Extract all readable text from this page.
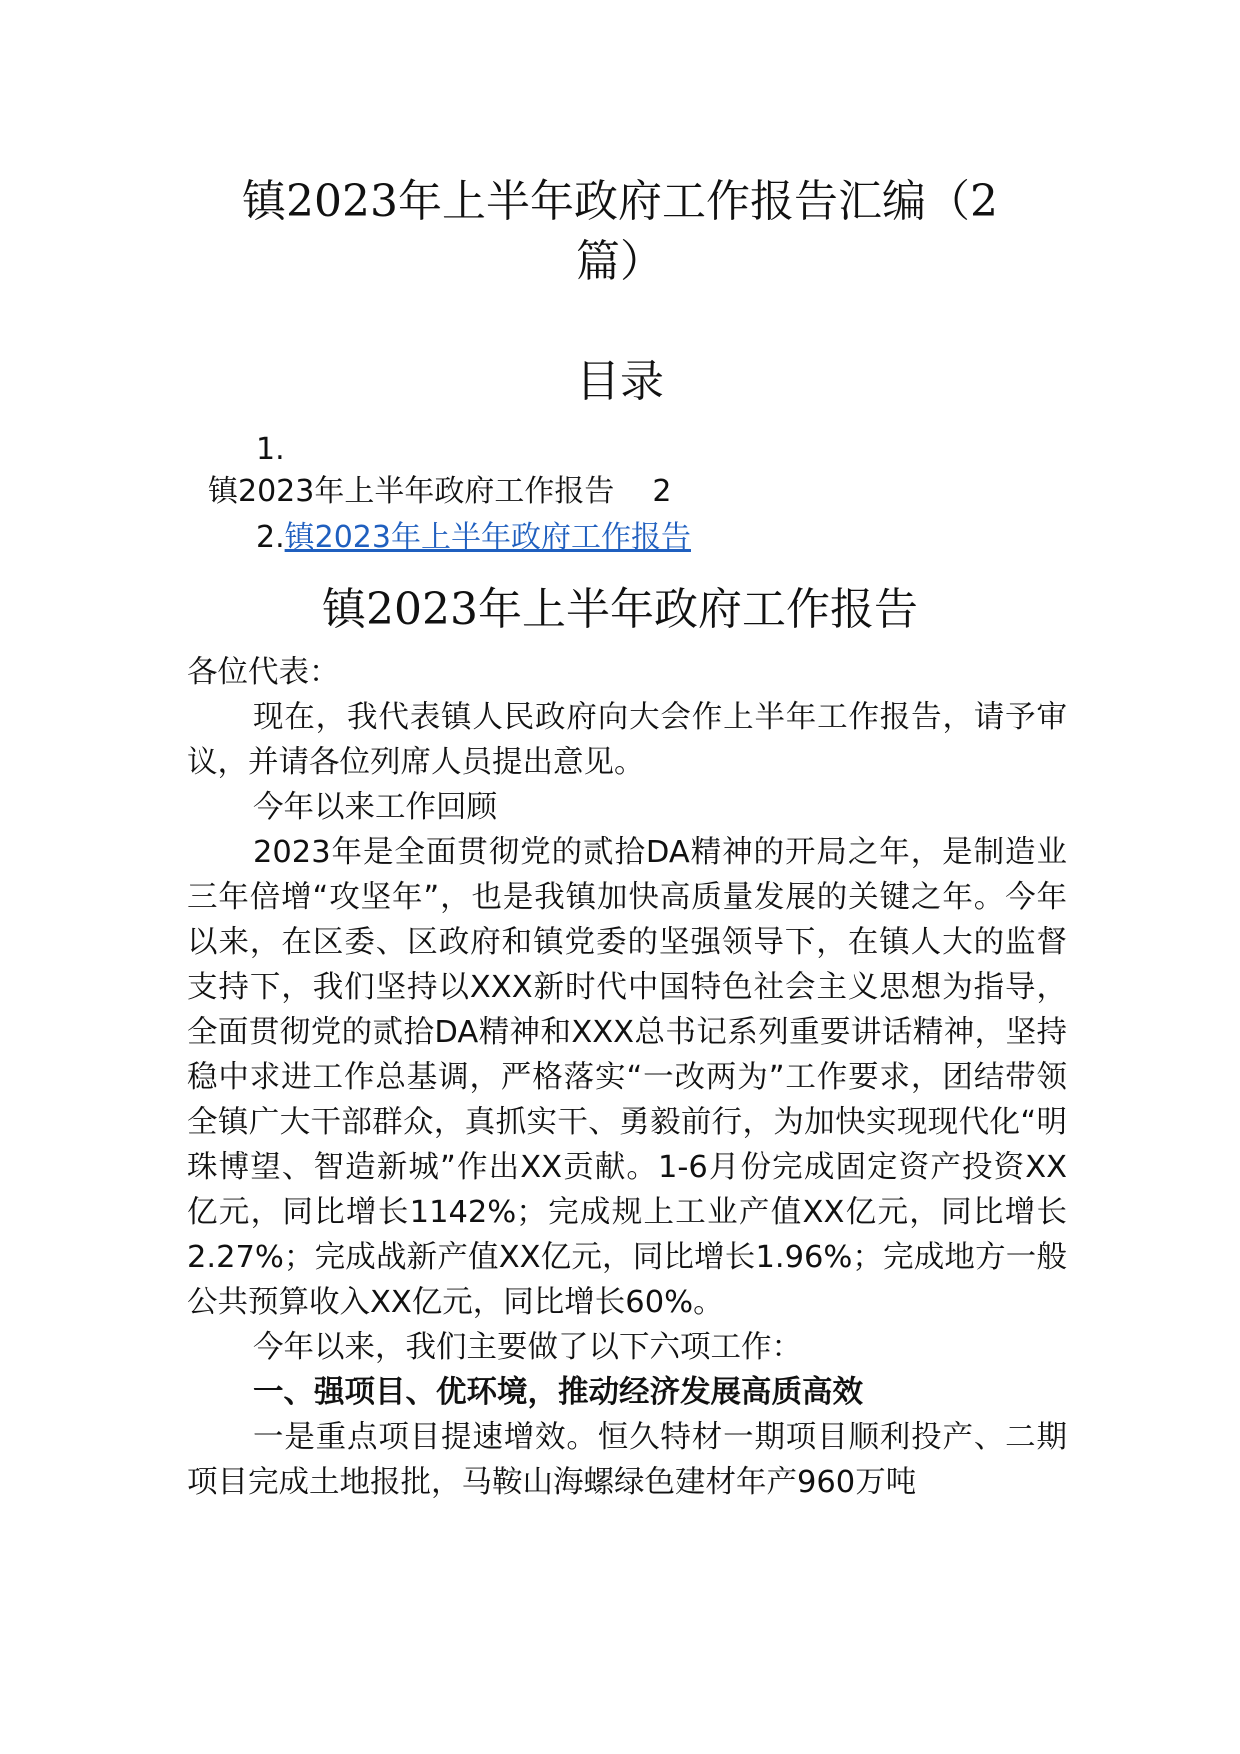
镇2023年上半年政府工作报告汇编（2
篇）
目录
1.
镇2023年上半年政府工作报告 2
2.镇2023年上半年政府工作报告
镇2023年上半年政府工作报告

各位代表：

现在，我代表镇人民政府向大会作上半年工作报告，请予审议，并请各位列席人员提出意见。

今年以来工作回顾

2023年是全面贯彻党的贰拾DA精神的开局之年，是制造业三年倍增“攻坚年”，也是我镇加快高质量发展的关键之年。今年以来，在区委、区政府和镇党委的坚强领导下，在镇人大的监督支持下，我们坚持以XXX新时代中国特色社会主义思想为指导，全面贯彻党的贰拾DA精神和XXX总书记系列重要讲话精神，坚持稳中求进工作总基调，严格落实“一改两为”工作要求，团结带领全镇广大干部群众，真抓实干、勇毅前行，为加快实现现代化“明珠博望、智造新城”作出XX贡献。1-6月份完成固定资产投资XX亿元，同比增长1142%；完成规上工业产值XX亿元，同比增长2.27%；完成战新产值XX亿元，同比增长1.96%；完成地方一般公共预算收入XX亿元，同比增长60%。

今年以来，我们主要做了以下六项工作：

一、强项目、优环境，推动经济发展高质高效

一是重点项目提速增效。恒久特材一期项目顺利投产、二期项目完成土地报批，马鞍山海螺绿色建材年产960万吨
